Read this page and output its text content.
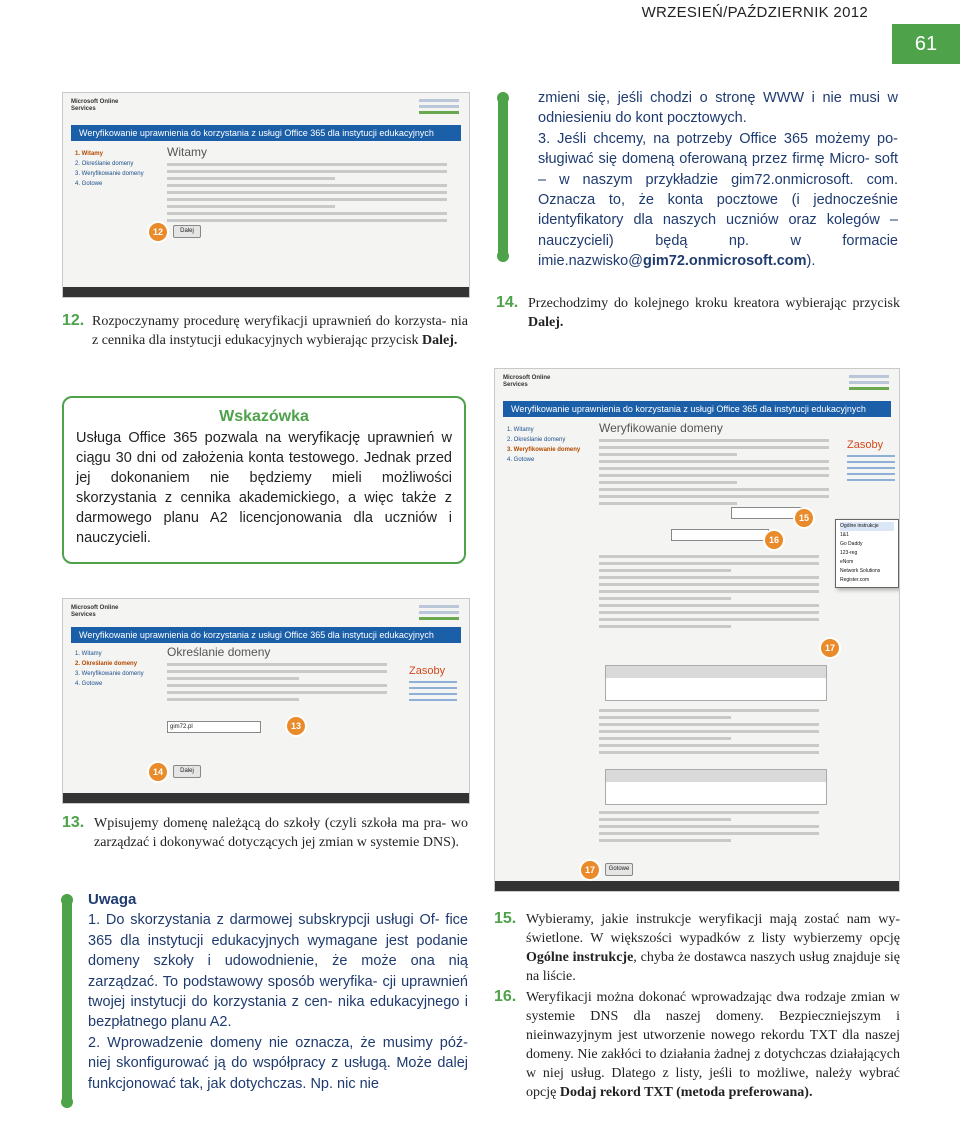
WRZESIEŃ/PAŹDZIERNIK 2012
61
Microsoft Online Services
Weryfikowanie uprawnienia do korzystania z usługi Office 365 dla instytucji edukacyjnych
1. Witamy
2. Określanie domeny
3. Weryfikowanie domeny
4. Gotowe
Witamy
Dalej
12
12. Rozpoczynamy procedurę weryfikacji uprawnień do korzysta- nia z cennika dla instytucji edukacyjnych wybierając przycisk Dalej.
Wskazówka
Usługa Office 365 pozwala na weryfikację uprawnień w ciągu 30 dni od założenia konta testowego. Jednak przed jej dokonaniem nie będziemy mieli możliwości skorzystania z cennika akademickiego, a więc także z darmowego planu A2 licencjonowania dla uczniów i nauczycieli.
Microsoft Online Services
Weryfikowanie uprawnienia do korzystania z usługi Office 365 dla instytucji edukacyjnych
1. Witamy
2. Określanie domeny
3. Weryfikowanie domeny
4. Gotowe
Określanie domeny
Zasoby
gim72.pl	13
Dalej
14
13. Wpisujemy domenę należącą do szkoły (czyli szkoła ma pra- wo zarządzać i dokonywać dotyczących jej zmian w systemie DNS).
Uwaga
1. Do skorzystania z darmowej subskrypcji usługi Of- fice 365 dla instytucji edukacyjnych wymagane jest podanie domeny szkoły i udowodnienie, że może ona nią zarządzać. To podstawowy sposób weryfika- cji uprawnień twojej instytucji do korzystania z cen- nika edukacyjnego i bezpłatnego planu A2.
2. Wprowadzenie domeny nie oznacza, że musimy póź- niej skonfigurować ją do współpracy z usługą. Może dalej funkcjonować tak, jak dotychczas. Np. nic nie
zmieni się, jeśli chodzi o stronę WWW i nie musi w odniesieniu do kont pocztowych.
3. Jeśli chcemy, na potrzeby Office 365 możemy po- sługiwać się domeną oferowaną przez firmę Micro- soft – w naszym przykładzie gim72.onmicrosoft. com. Oznacza to, że konta pocztowe (i jednocześnie identyfikatory dla naszych uczniów oraz kolegów – nauczycieli) będą np. w formacie imie.nazwisko@gim72.onmicrosoft.com).
14. Przechodzimy do kolejnego kroku kreatora wybierając przycisk Dalej.
Microsoft Online Services
Weryfikowanie uprawnienia do korzystania z usługi Office 365 dla instytucji edukacyjnych
1. Witamy
2. Określanie domeny
3. Weryfikowanie domeny
4. Gotowe
Weryfikowanie domeny
Zasoby
15
16
Ogólne instrukcje
1&1
Go Daddy
123-reg
eNom
Network Solutions
Register.com
17
Gotowe
17
15. Wybieramy, jakie instrukcje weryfikacji mają zostać nam wy- świetlone. W większości wypadków z listy wybierzemy opcję Ogólne instrukcje, chyba że dostawca naszych usług znajduje się na liście.
16. Weryfikacji można dokonać wprowadzając dwa rodzaje zmian w systemie DNS dla naszej domeny. Bezpieczniejszym i nieinwazyjnym jest utworzenie nowego rekordu TXT dla naszej domeny. Nie zakłóci to działania żadnej z dotychczas działających w niej usług. Dlatego z listy, jeśli to możliwe, należy wybrać opcję Dodaj rekord TXT (metoda preferowana).
